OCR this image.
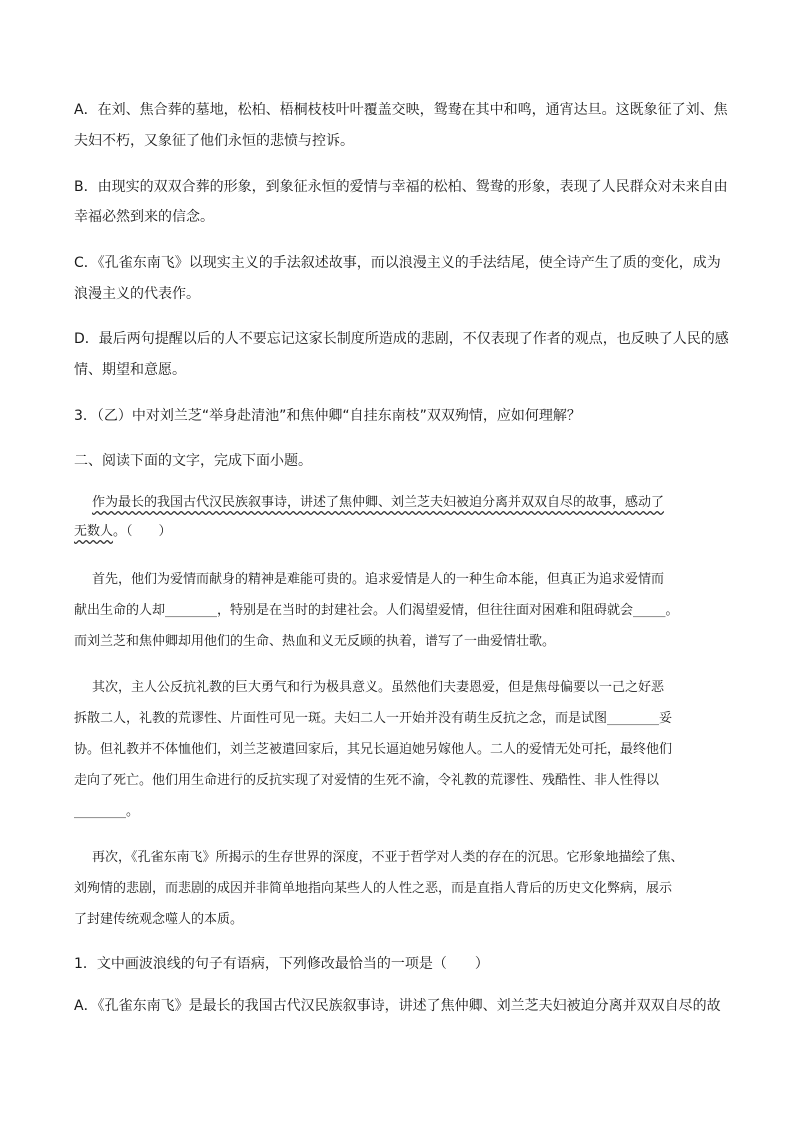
A．在刘、焦合葬的墓地，松柏、梧桐枝枝叶叶覆盖交映，鸳鸯在其中和鸣，通宵达旦。这既象征了刘、焦
夫妇不朽，又象征了他们永恒的悲愤与控诉。
B．由现实的双双合葬的形象，到象征永恒的爱情与幸福的松柏、鸳鸯的形象，表现了人民群众对未来自由
幸福必然到来的信念。
C．《孔雀东南飞》以现实主义的手法叙述故事，而以浪漫主义的手法结尾，使全诗产生了质的变化，成为
浪漫主义的代表作。
D．最后两句提醒以后的人不要忘记这家长制度所造成的悲剧，不仅表现了作者的观点，也反映了人民的感
情、期望和意愿。
3．（乙）中对刘兰芝“举身赴清池”和焦仲卿“自挂东南枝”双双殉情，应如何理解？
二、阅读下面的文字，完成下面小题。
作为最长的我国古代汉民族叙事诗，讲述了焦仲卿、刘兰芝夫妇被迫分离并双双自尽的故事，感动了
无数人。（　　）
首先，他们为爱情而献身的精神是难能可贵的。追求爱情是人的一种生命本能，但真正为追求爱情而
献出生命的人却________，特别是在当时的封建社会。人们渴望爱情，但往往面对困难和阻碍就会_____。
而刘兰芝和焦仲卿却用他们的生命、热血和义无反顾的执着，谱写了一曲爱情壮歌。
其次，主人公反抗礼教的巨大勇气和行为极具意义。虽然他们夫妻恩爱，但是焦母偏要以一己之好恶
拆散二人，礼教的荒谬性、片面性可见一斑。夫妇二人一开始并没有萌生反抗之念，而是试图________妥
协。但礼教并不体恤他们，刘兰芝被遣回家后，其兄长逼迫她另嫁他人。二人的爱情无处可托，最终他们
走向了死亡。他们用生命进行的反抗实现了对爱情的生死不渝，令礼教的荒谬性、残酷性、非人性得以
________。
再次，《孔雀东南飞》所揭示的生存世界的深度，不亚于哲学对人类的存在的沉思。它形象地描绘了焦、
刘殉情的悲剧，而悲剧的成因并非简单地指向某些人的人性之恶，而是直指人背后的历史文化弊病，展示
了封建传统观念噬人的本质。
1．文中画波浪线的句子有语病，下列修改最恰当的一项是（　　）
A．《孔雀东南飞》是最长的我国古代汉民族叙事诗，讲述了焦仲卿、刘兰芝夫妇被迫分离并双双自尽的故
